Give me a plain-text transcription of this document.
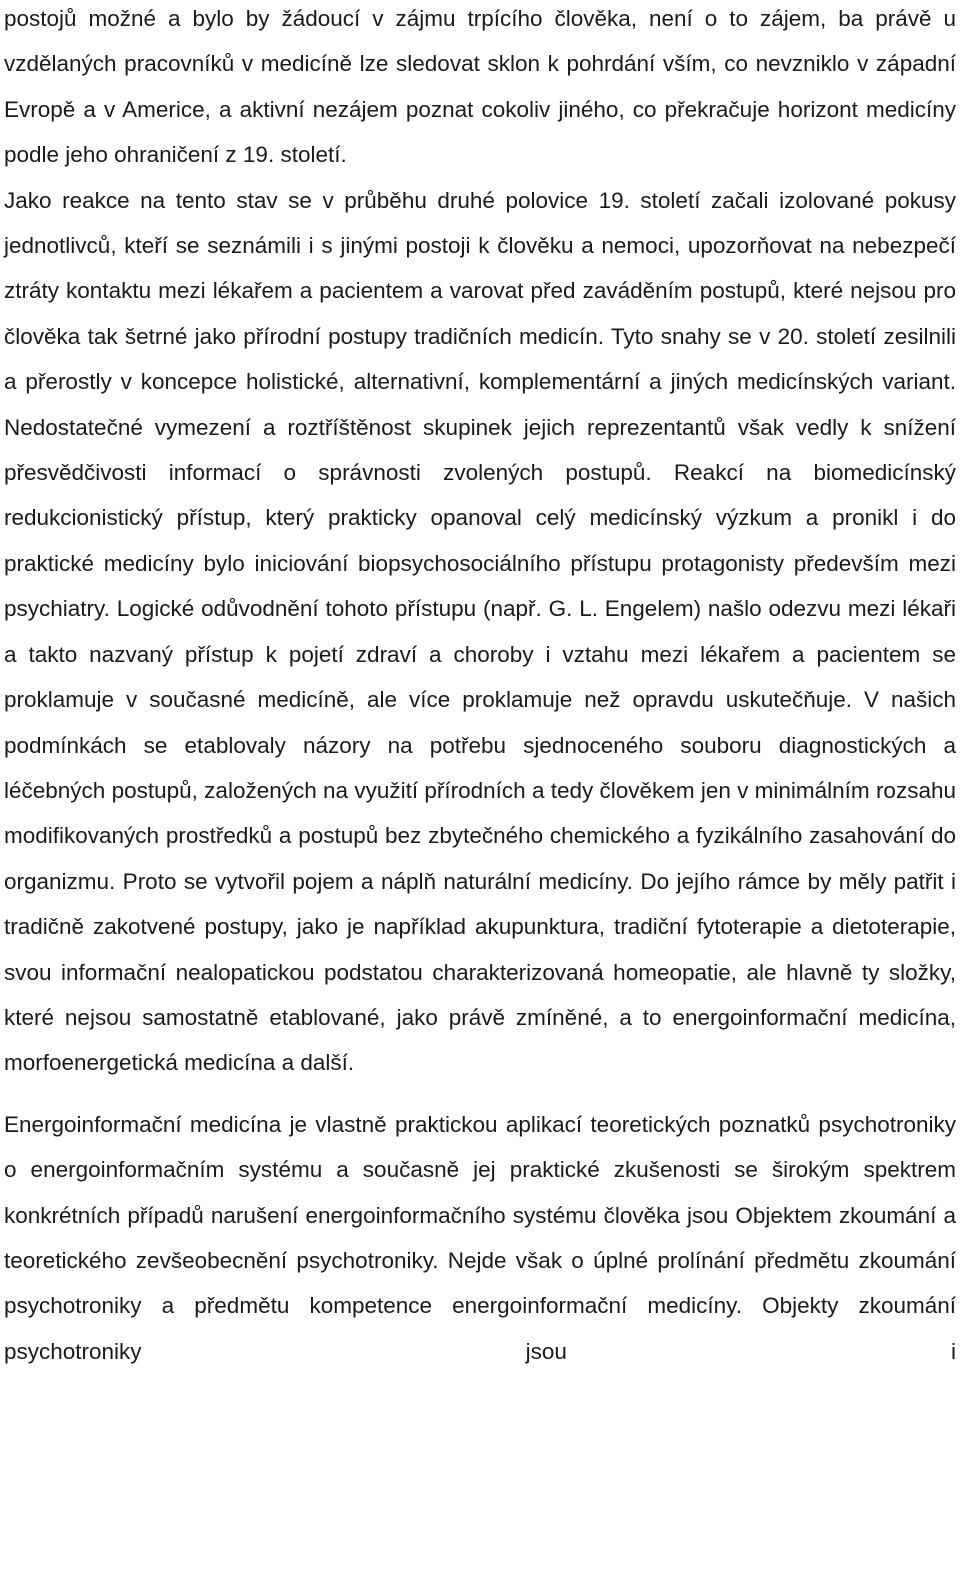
postojů možné a bylo by žádoucí v zájmu trpícího člověka, není o to zájem, ba právě u vzdělaných pracovníků v medicíně lze sledovat sklon k pohrdání vším, co nevzniklo v západní Evropě a v Americe, a aktivní nezájem poznat cokoliv jiného, co překračuje horizont medicíny podle jeho ohraničení z 19. století.

Jako reakce na tento stav se v průběhu druhé polovice 19. století začali izolované pokusy jednotlivců, kteří se seznámili i s jinými postoji k člověku a nemoci, upozorňovat na nebezpečí ztráty kontaktu mezi lékařem a pacientem a varovat před zaváděním postupů, které nejsou pro člověka tak šetrné jako přírodní postupy tradičních medicín. Tyto snahy se v 20. století zesilnili a přerostly v koncepce holistické, alternativní, komplementární a jiných medicínských variant. Nedostatečné vymezení a roztříštěnost skupinek jejich reprezentantů však vedly k snížení přesvědčivosti informací o správnosti zvolených postupů. Reakcí na biomedicínský redukcionistický přístup, který prakticky opanoval celý medicínský výzkum a pronikl i do praktické medicíny bylo iniciování biopsychosociálního přístupu protagonisty především mezi psychiatry. Logické odůvodnění tohoto přístupu (např. G. L. Engelem) našlo odezvu mezi lékaři a takto nazvaný přístup k pojetí zdraví a choroby i vztahu mezi lékařem a pacientem se proklamuje v současné medicíně, ale více proklamuje než opravdu uskutečňuje. V našich podmínkách se etablovaly názory na potřebu sjednoceného souboru diagnostických a léčebných postupů, založených na využití přírodních a tedy člověkem jen v minimálním rozsahu modifikovaných prostředků a postupů bez zbytečného chemického a fyzikálního zasahování do organizmu. Proto se vytvořil pojem a náplň naturální medicíny. Do jejího rámce by měly patřit i tradičně zakotvené postupy, jako je například akupunktura, tradiční fytoterapie a dietoterapie, svou informační nealopatickou podstatou charakterizovaná homeopatie, ale hlavně ty složky, které nejsou samostatně etablované, jako právě zmíněné, a to energoinformační medicína, morfoenergetická medicína a další.

Energoinformační medicína je vlastně praktickou aplikací teoretických poznatků psychotroniky o energoinformačním systému a současně jej praktické zkušenosti se širokým spektrem konkrétních případů narušení energoinformačního systému člověka jsou Objektem zkoumání a teoretického zevšeobecnění psychotroniky. Nejde však o úplné prolínání předmětu zkoumání psychotroniky a předmětu kompetence energoinformační medicíny. Objekty zkoumání psychotroniky jsou i
